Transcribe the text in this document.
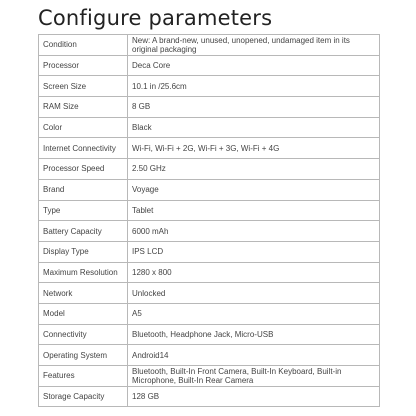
Configure parameters
Condition	New: A brand-new, unused, unopened, undamaged item in its original packaging
Processor	Deca Core
Screen Size	10.1 in /25.6cm
RAM Size	8 GB
Color	Black
Internet Connectivity	Wi-Fi, Wi-Fi + 2G, Wi-Fi + 3G, Wi-Fi + 4G
Processor Speed	2.50 GHz
Brand	Voyage
Type	Tablet
Battery Capacity	6000 mAh
Display Type	IPS LCD
Maximum Resolution	1280 x 800
Network	Unlocked
Model	A5
Connectivity	Bluetooth, Headphone Jack, Micro-USB
Operating System	Android14
Features	Bluetooth, Built-In Front Camera, Built-In Keyboard, Built-in Microphone, Built-In Rear Camera
Storage Capacity	128 GB
